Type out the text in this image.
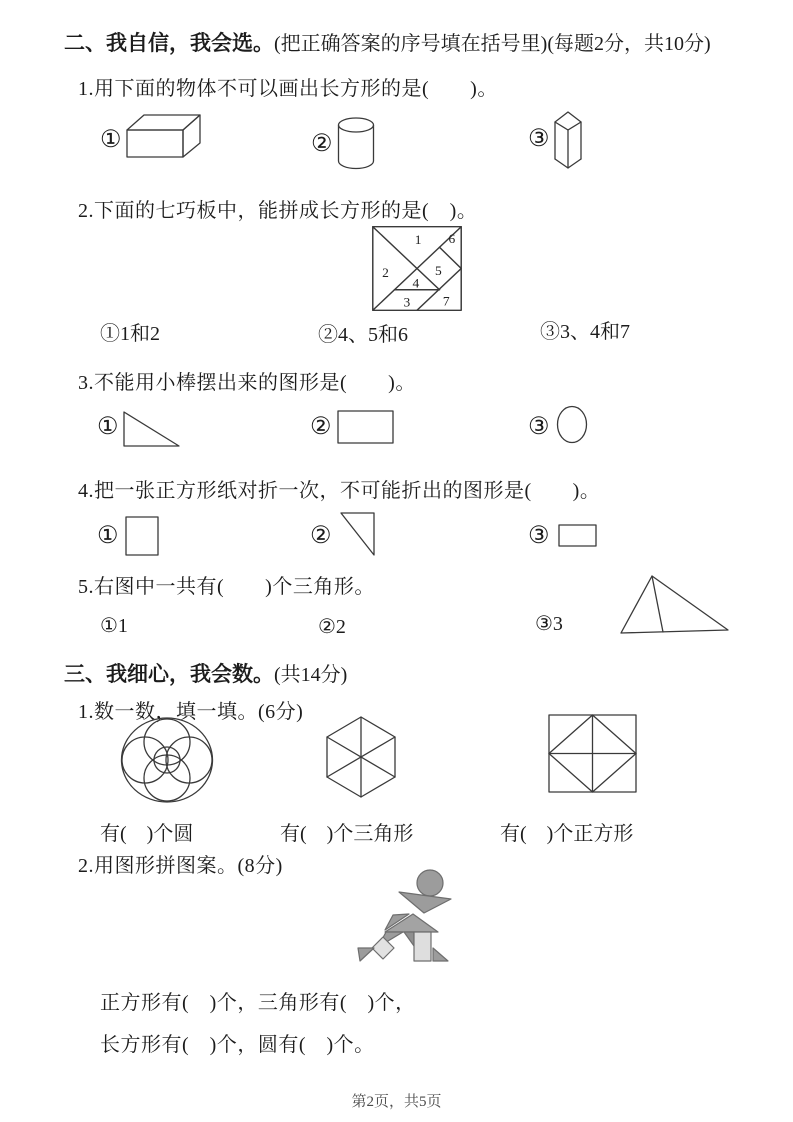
二、我自信，我会选。(把正确答案的序号填在括号里)(每题2分，共10分)
1.用下面的物体不可以画出长方形的是(　　)。
①	②	③
2.下面的七巧板中，能拼成长方形的是(　)。
1 6
2	5
4
3	7
①1和2	②4、5和6	③3、4和7
3.不能用小棒摆出来的图形是(　　)。
①	②	③
4.把一张正方形纸对折一次，不可能折出的图形是(　　)。
①	②	③
5.右图中一共有(　　)个三角形。
①1	②2	③3
三、我细心，我会数。(共14分)
1.数一数，填一填。(6分)
有(　)个圆	有(　)个三角形	有(　)个正方形
2.用图形拼图案。(8分)
正方形有(　)个，三角形有(　)个，
长方形有(　)个，圆有(　)个。
第2页，共5页
